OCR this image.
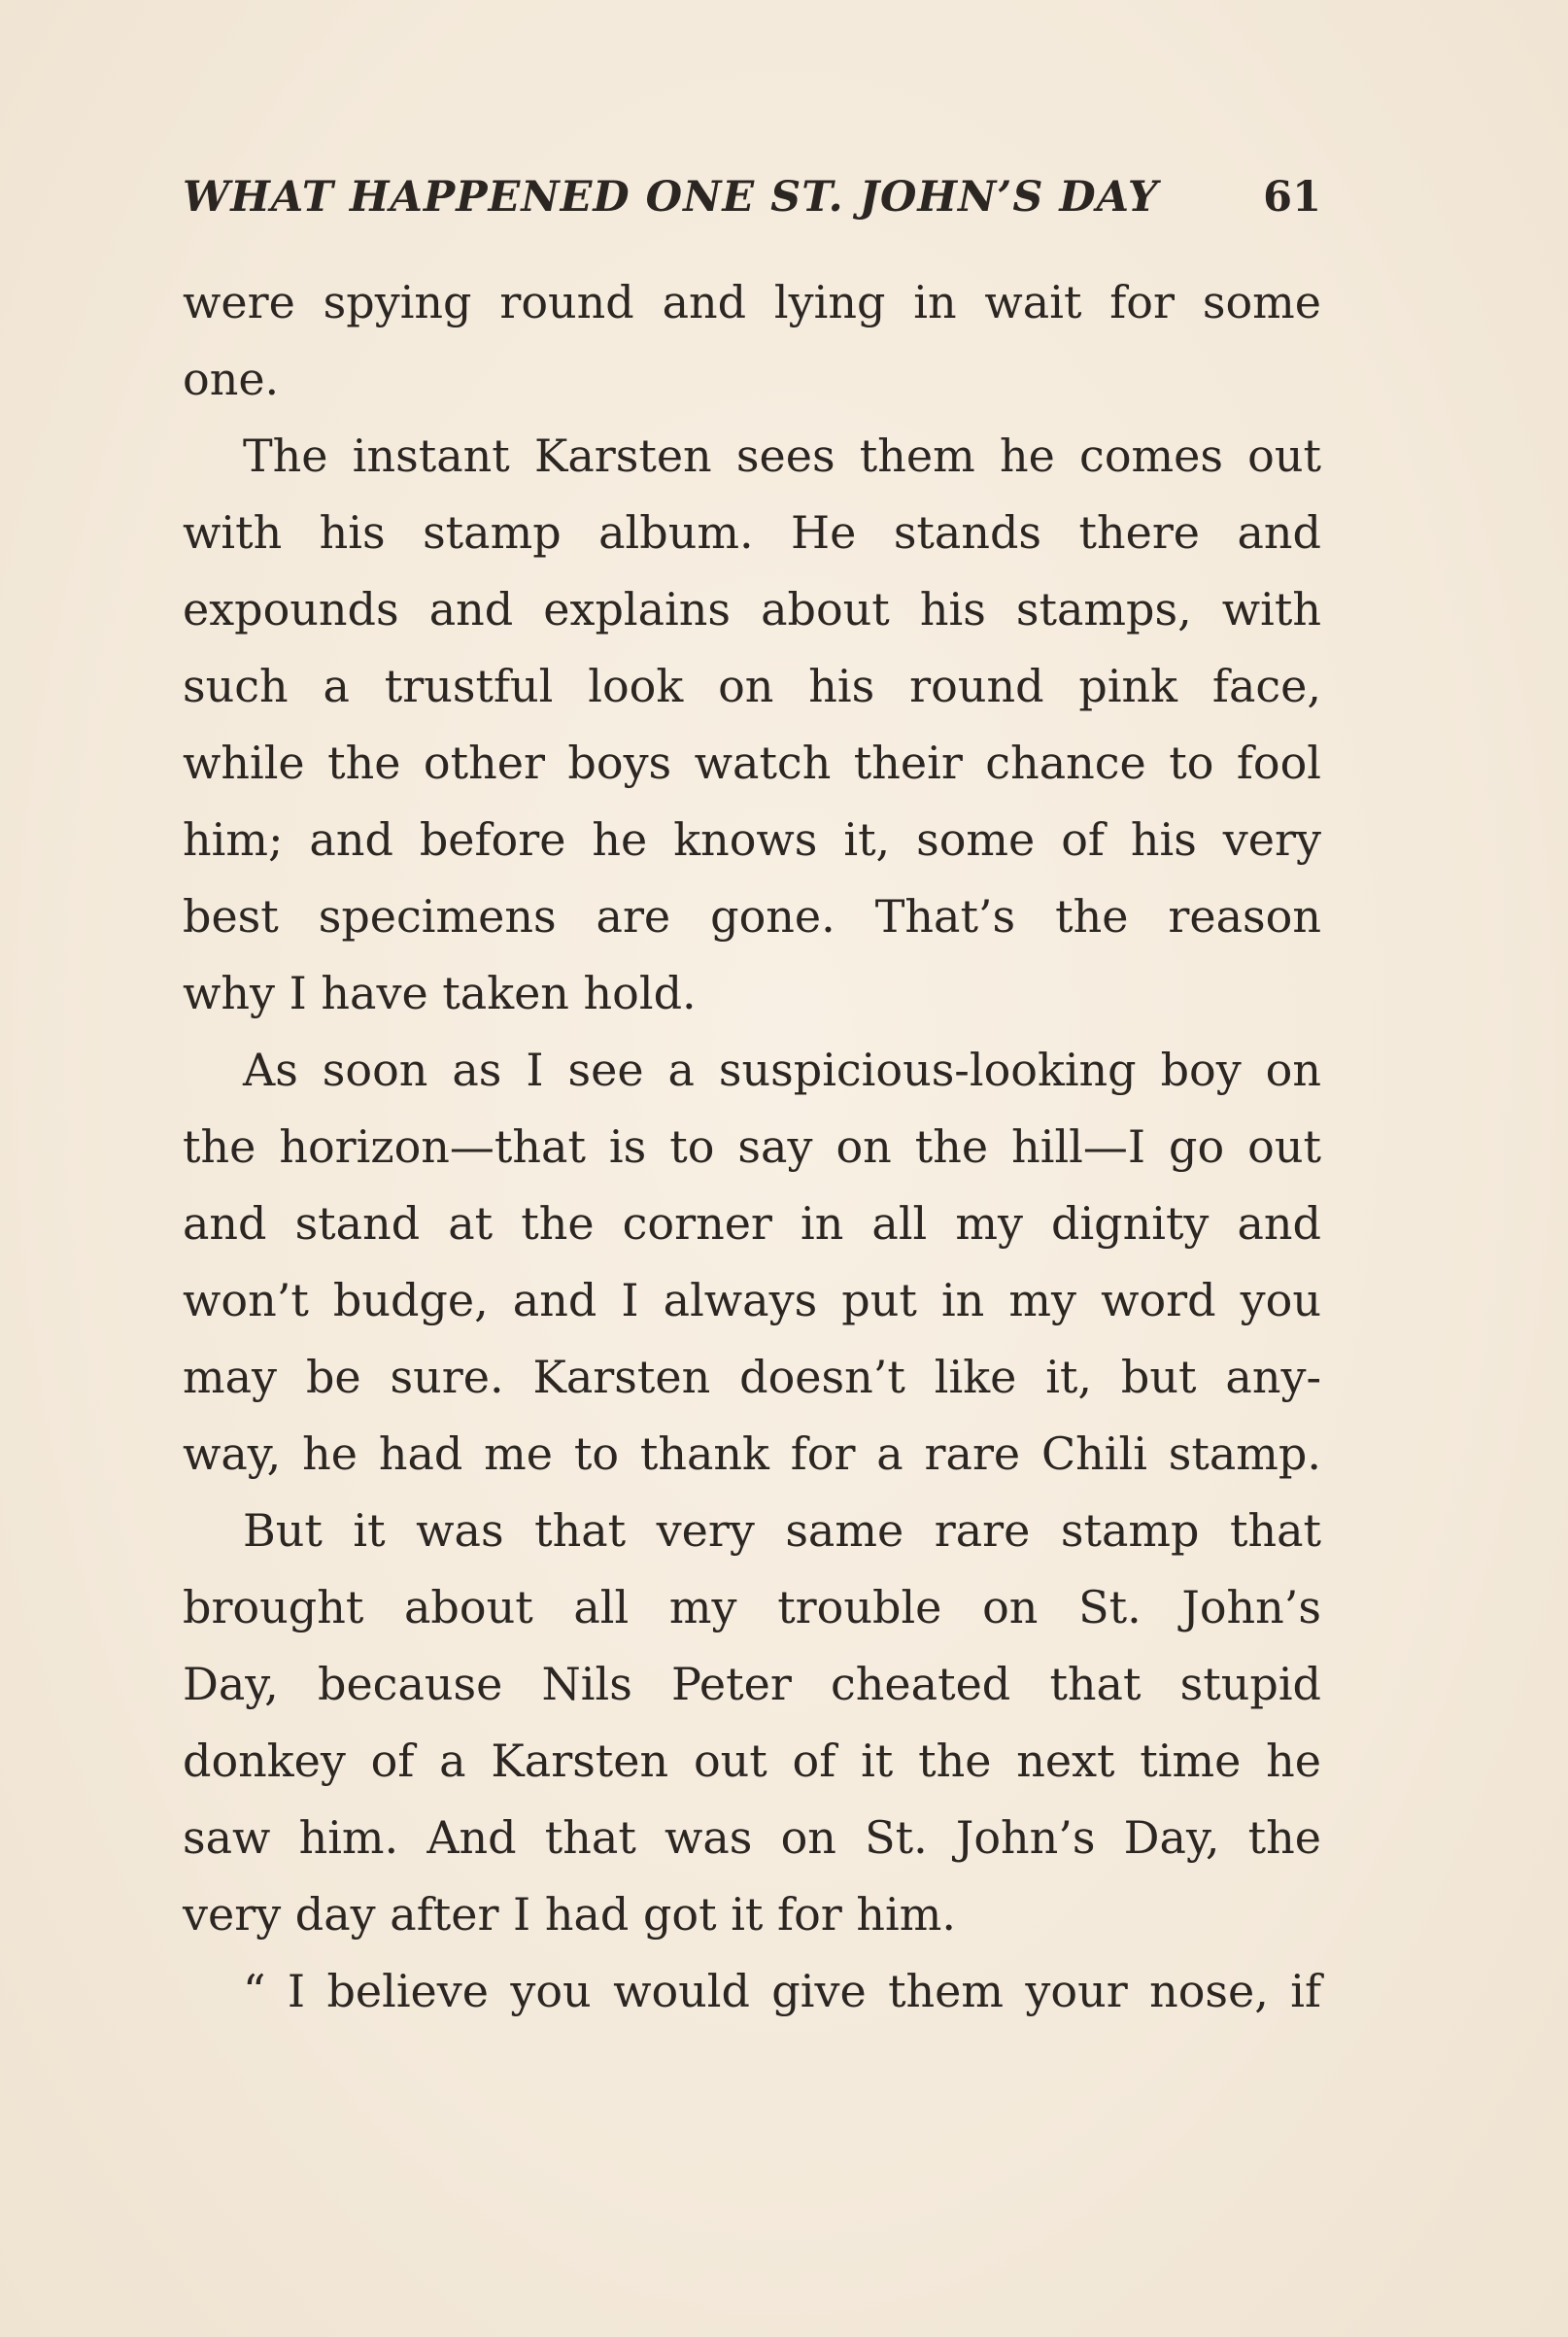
WHAT HAPPENED ONE ST. JOHN’S DAY	61
were spying round and lying in wait for some
one.
The instant Karsten sees them he comes out
with his stamp album. He stands there and
expounds and explains about his stamps, with
such a trustful look on his round pink face,
while the other boys watch their chance to fool
him; and before he knows it, some of his very
best specimens are gone. That’s the reason
why I have taken hold.
As soon as I see a suspicious-looking boy on
the horizon—that is to say on the hill—I go out
and stand at the corner in all my dignity and
won’t budge, and I always put in my word you
may be sure. Karsten doesn’t like it, but any-
way, he had me to thank for a rare Chili stamp.
But it was that very same rare stamp that
brought about all my trouble on St. John’s
Day, because Nils Peter cheated that stupid
donkey of a Karsten out of it the next time he
saw him. And that was on St. John’s Day, the
very day after I had got it for him.
“ I believe you would give them your nose, if
